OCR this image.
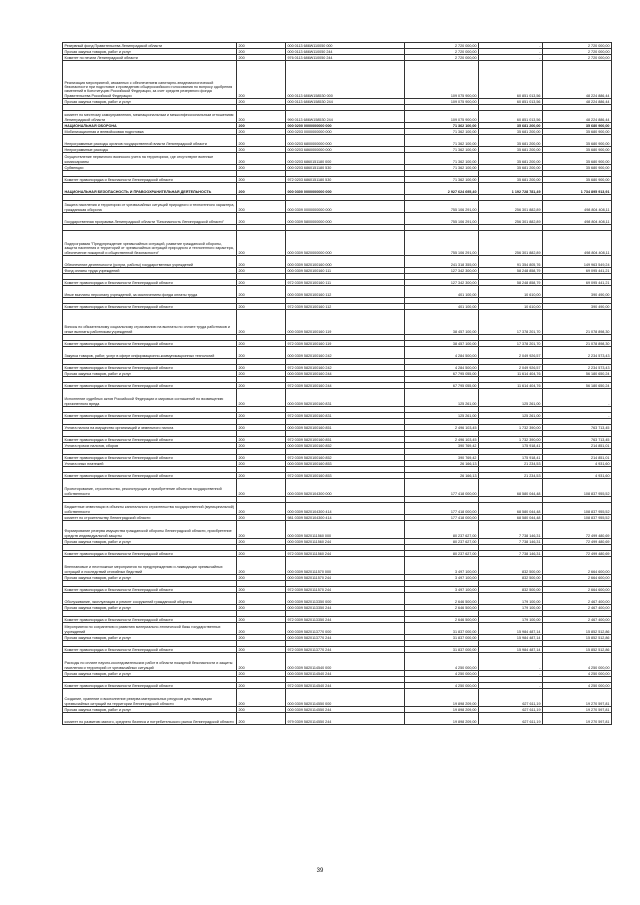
Резервный фонд Правительства Ленинградской области	200	000 0113 686W110050 000	2 720 000,00	-	2 720 000,00
Прочая закупка товаров, работ и услуг	200	000 0113 686W110050 244	2 720 000,00	-	2 720 000,00
Комитет по печати Ленинградской области	200	976 0113 686W110050 244	2 720 000,00	-	2 720 000,00
Реализация мероприятий, связанных с обеспечением санитарно-эпидемиологической безопасности при подготовке к проведению общероссийского голосования по вопросу одобрения изменений в Конституцию Российской Федерации, за счет средств резервного фонда Правительства Российской Федерации	200	000 0113 686W158530 000	109 075 900,00	60 851 013,56	48 224 886,44
Прочая закупка товаров, работ и услуг	200	000 0113 686W158530 244	109 075 900,00	60 851 013,56	48 224 886,44

комитет по местному самоуправлению, межнациональным и межконфессиональным отношениям Ленинградской области	200	990 0113 686W158530 244	109 075 900,00	60 851 013,56	48 224 886,44
НАЦИОНАЛЬНАЯ ОБОРОНА	200	000 0200 0000000000 000	71 362 100,00	35 681 200,00	35 680 900,00
Мобилизационная и вневойсковая подготовка	200	000 0203 0000000000 000	71 362 100,00	35 681 200,00	35 680 900,00
Непрограммные расходы органов государственной власти Ленинградской области	200	000 0203 6800000000 000	71 362 100,00	35 681 200,00	35 680 900,00
Непрограммные расходы	200	000 0203 6860000000 000	71 362 100,00	35 681 200,00	35 680 900,00
Осуществление первичного воинского учета на территориях, где отсутствуют военные комиссариаты	200	000 0203 6860151180 000	71 362 100,00	35 681 200,00	35 680 900,00
Субвенции	200	000 0203 6860151180 530	71 362 100,00	35 681 200,00	35 680 900,00

Комитет правопорядка и безопасности Ленинградской области	200	972 0203 6860151180 530	71 362 100,00	35 681 200,00	35 680 900,00
НАЦИОНАЛЬНАЯ БЕЗОПАСНОСТЬ И ПРАВООХРАНИТЕЛЬНАЯ ДЕЯТЕЛЬНОСТЬ	200	000 0300 0000000000 000	2 927 624 695,40	1 192 728 781,49	1 734 895 913,91

Защита населения и территории от чрезвычайных ситуаций природного и техногенного характера, гражданская оборона	200	000 0309 0000000000 000	755 106 291,00	256 301 882,89	498 804 408,11
Государственная программа Ленинградской области "Безопасность Ленинградской области"	200	000 0309 5800000000 000	755 106 291,00	256 301 882,89	498 804 408,11

Подпрограмма "Предупреждение чрезвычайных ситуаций, развитие гражданской обороны, защита населения и территорий от чрезвычайных ситуаций природного и техногенного характера, обеспечение пожарной и общественной безопасности"	200	000 0309 5820000000 000	755 106 291,00	256 301 882,89	498 804 408,11
Обеспечение деятельности (услуги, работы) государственных учреждений	200	000 0309 5820100160 000	241 318 355,00	91 354 805,76	149 963 549,24
Фонд оплаты труда учреждений	200	000 0309 5820100160 111	127 342 300,00	58 248 858,79	69 095 441,21

Комитет правопорядка и безопасности Ленинградской области	200	972 0309 5820100160 111	127 342 300,00	58 248 858,79	69 095 441,21
Иные выплаты персоналу учреждений, за исключением фонда оплаты труда	200	000 0309 5820100160 112	401 100,00	10 610,00	390 490,00

Комитет правопорядка и безопасности Ленинградской области	200	972 0309 5820100160 112	401 100,00	10 610,00	390 490,00
Взносы по обязательному социальному страхованию на выплаты по оплате труда работников и иные выплаты работникам учреждений	200	000 0309 5820100160 119	38 457 100,00	17 378 201,70	21 078 898,30

Комитет правопорядка и безопасности Ленинградской области	200	972 0309 5820100160 119	38 457 100,00	17 378 201,70	21 078 898,30
Закупка товаров, работ, услуг в сфере информационно-коммуникационных технологий	200	000 0309 5820100160 242	4 284 500,00	2 049 926,57	2 234 573,43

Комитет правопорядка и безопасности Ленинградской области	200	972 0309 5820100160 242	4 284 500,00	2 049 926,57	2 234 573,43
Прочая закупка товаров, работ и услуг	200	000 0309 5820100160 244	67 795 055,00	11 614 404,76	56 180 650,24

Комитет правопорядка и безопасности Ленинградской области	200	972 0309 5820100160 244	67 795 055,00	11 614 404,76	56 180 650,24
Исполнение судебных актов Российской Федерации и мировых соглашений по возмещению причиненного вреда	200	000 0309 5820100160 831	125 261,00	125 261,00	-

Комитет правопорядка и безопасности Ленинградской области	200	972 0309 5820100160 831	125 261,00	125 261,00	-

Уплата налога на имущество организаций и земельного налога	200	000 0309 5820100160 851	2 496 103,45	1 732 390,00	763 713,45

Комитет правопорядка и безопасности Ленинградской области	200	972 0309 5820100160 851	2 496 103,45	1 732 390,00	763 713,45
Уплата прочих налогов, сборов	200	000 0309 5820100160 852	390 769,42	175 918,41	214 851,01

Комитет правопорядка и безопасности Ленинградской области	200	972 0309 5820100160 852	390 769,42	175 918,41	214 851,01
Уплата иных платежей	200	000 0309 5820100160 853	26 166,13	21 234,53	4 931,60

Комитет правопорядка и безопасности Ленинградской области	200	972 0309 5820100160 853	26 166,13	21 234,53	4 931,60
Проектирование, строительство, реконструкция и приобретение объектов государственной собственности	200	000 0309 5820104300 000	177 418 000,00	68 580 044,48	108 837 955,52

Бюджетные инвестиции в объекты капитального строительства государственной (муниципальной) собственности	200	000 0309 5820104300 414	177 418 000,00	68 580 044,48	108 837 955,52
комитет по строительству Ленинградской области	200	981 0309 5820104300 414	177 418 000,00	68 580 044,48	108 837 955,52
Формирование резерва имущества гражданской обороны Ленинградской области, приобретение средств индивидуальной защиты	200	000 0309 5820111560 000	80 237 627,00	7 738 146,31	72 499 480,69
Прочая закупка товаров, работ и услуг	200	000 0309 5820111560 244	80 237 627,00	7 738 146,31	72 499 480,69

Комитет правопорядка и безопасности Ленинградской области	200	972 0309 5820111560 244	80 237 627,00	7 738 146,31	72 499 480,69
Внеплановые и неотложные мероприятия по предупреждению и ликвидации чрезвычайных ситуаций и последствий стихийных бедствий	200	000 0309 5820111570 000	3 497 100,00	832 500,00	2 664 600,00
Прочая закупка товаров, работ и услуг	200	000 0309 5820111570 244	3 497 100,00	832 500,00	2 664 600,00

Комитет правопорядка и безопасности Ленинградской области	200	972 0309 5820111570 244	3 497 100,00	832 500,00	2 664 600,00
Обслуживание, эксплуатация и ремонт сооружений гражданской обороны	200	000 0309 5820113350 000	2 646 500,00	179 100,00	2 467 400,00
Прочая закупка товаров, работ и услуг	200	000 0309 5820113350 244	2 646 500,00	179 100,00	2 467 400,00

Комитет правопорядка и безопасности Ленинградской области	200	972 0309 5820113350 244	2 646 500,00	179 100,00	2 467 400,00
Мероприятия по сохранению и развитию материально-технической базы государственных учреждений	200	000 0309 5820113770 000	31 837 000,00	15 984 487,14	15 852 512,86
Прочая закупка товаров, работ и услуг	200	000 0309 5820113770 244	31 837 000,00	15 984 487,14	15 852 512,86

Комитет правопорядка и безопасности Ленинградской области	200	972 0309 5820113770 244	31 837 000,00	15 984 487,14	15 852 512,86
Расходы по оплате научно-исследовательских работ в области пожарной безопасности и защиты населения и территорий от чрезвычайных ситуаций	200	000 0309 5820114540 000	4 250 000,00	-	4 250 000,00
Прочая закупка товаров, работ и услуг	200	000 0309 5820114540 244	4 250 000,00	-	4 250 000,00

Комитет правопорядка и безопасности Ленинградской области	200	972 0309 5820114540 244	4 250 000,00	-	4 250 000,00
Создание, хранение и восполнение резерва материальных ресурсов для ликвидации чрезвычайных ситуаций на территории Ленинградской области	200	000 0309 5820114550 000	19 898 209,00	627 611,19	19 270 597,81
Прочая закупка товаров, работ и услуг	200	000 0309 5820114550 244	19 898 209,00	627 611,19	19 270 597,81
комитет по развитию малого, среднего бизнеса и потребительского рынка Ленинградской области	200	979 0309 5820114550 244	19 898 209,00	627 611,19	19 270 597,81
39
